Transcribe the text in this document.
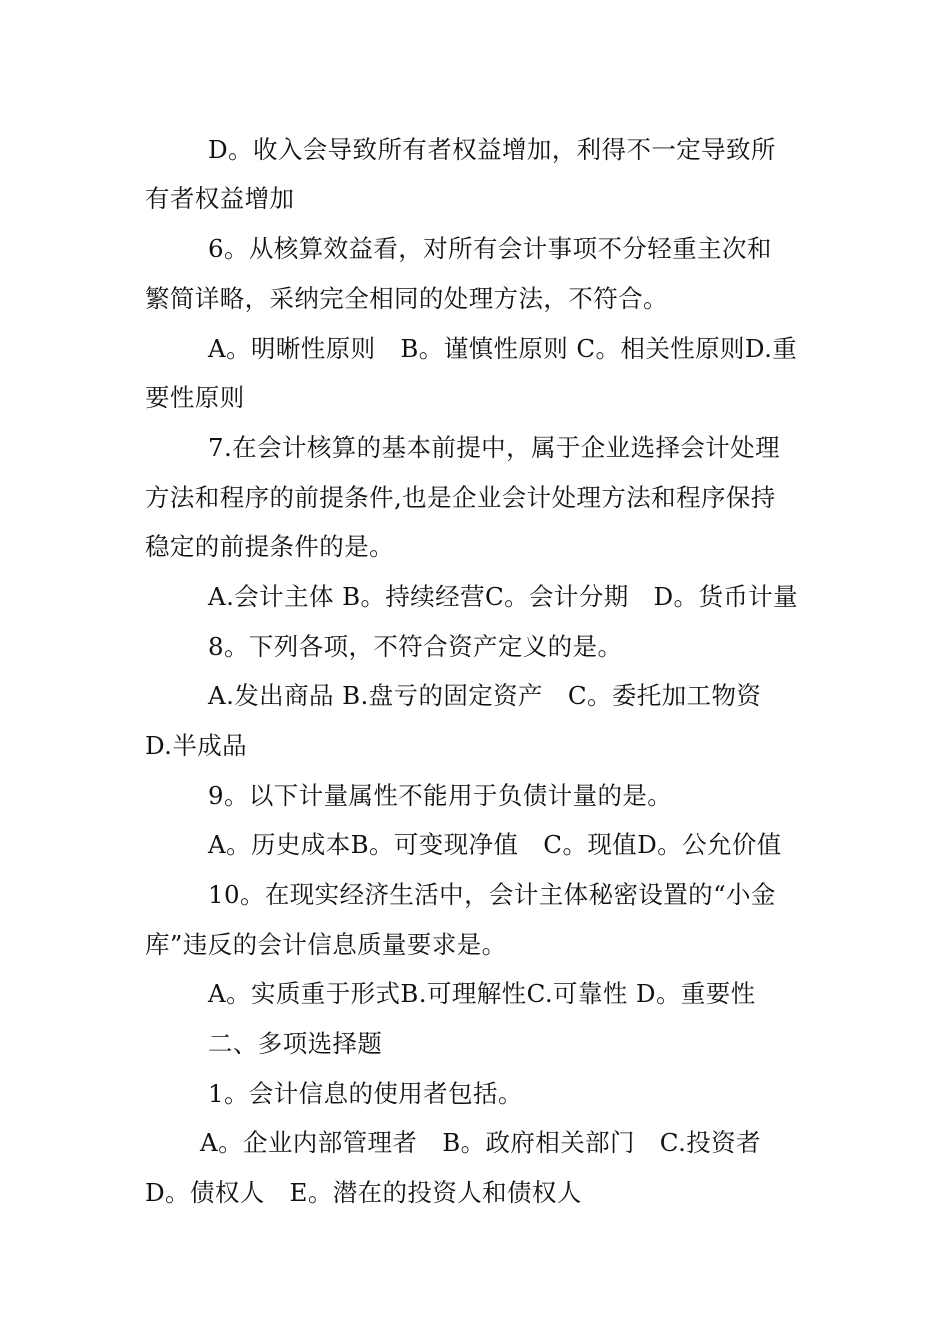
D。收入会导致所有者权益增加，利得不一定导致所
有者权益增加
6。从核算效益看，对所有会计事项不分轻重主次和
繁简详略，采纳完全相同的处理方法，不符合。
A。明晰性原则　B。谨慎性原则 C。相关性原则D.重
要性原则
7.在会计核算的基本前提中，属于企业选择会计处理
方法和程序的前提条件,也是企业会计处理方法和程序保持
稳定的前提条件的是。
A.会计主体 B。持续经营C。会计分期　D。货币计量
8。下列各项，不符合资产定义的是。
A.发出商品 B.盘亏的固定资产　C。委托加工物资
D.半成品
9。以下计量属性不能用于负债计量的是。
A。历史成本B。可变现净值　C。现值D。公允价值
10。在现实经济生活中，会计主体秘密设置的“小金
库”违反的会计信息质量要求是。
A。实质重于形式B.可理解性C.可靠性 D。重要性
二、多项选择题
1。会计信息的使用者包括。
A。企业内部管理者　B。政府相关部门　C.投资者
D。债权人　E。潜在的投资人和债权人
